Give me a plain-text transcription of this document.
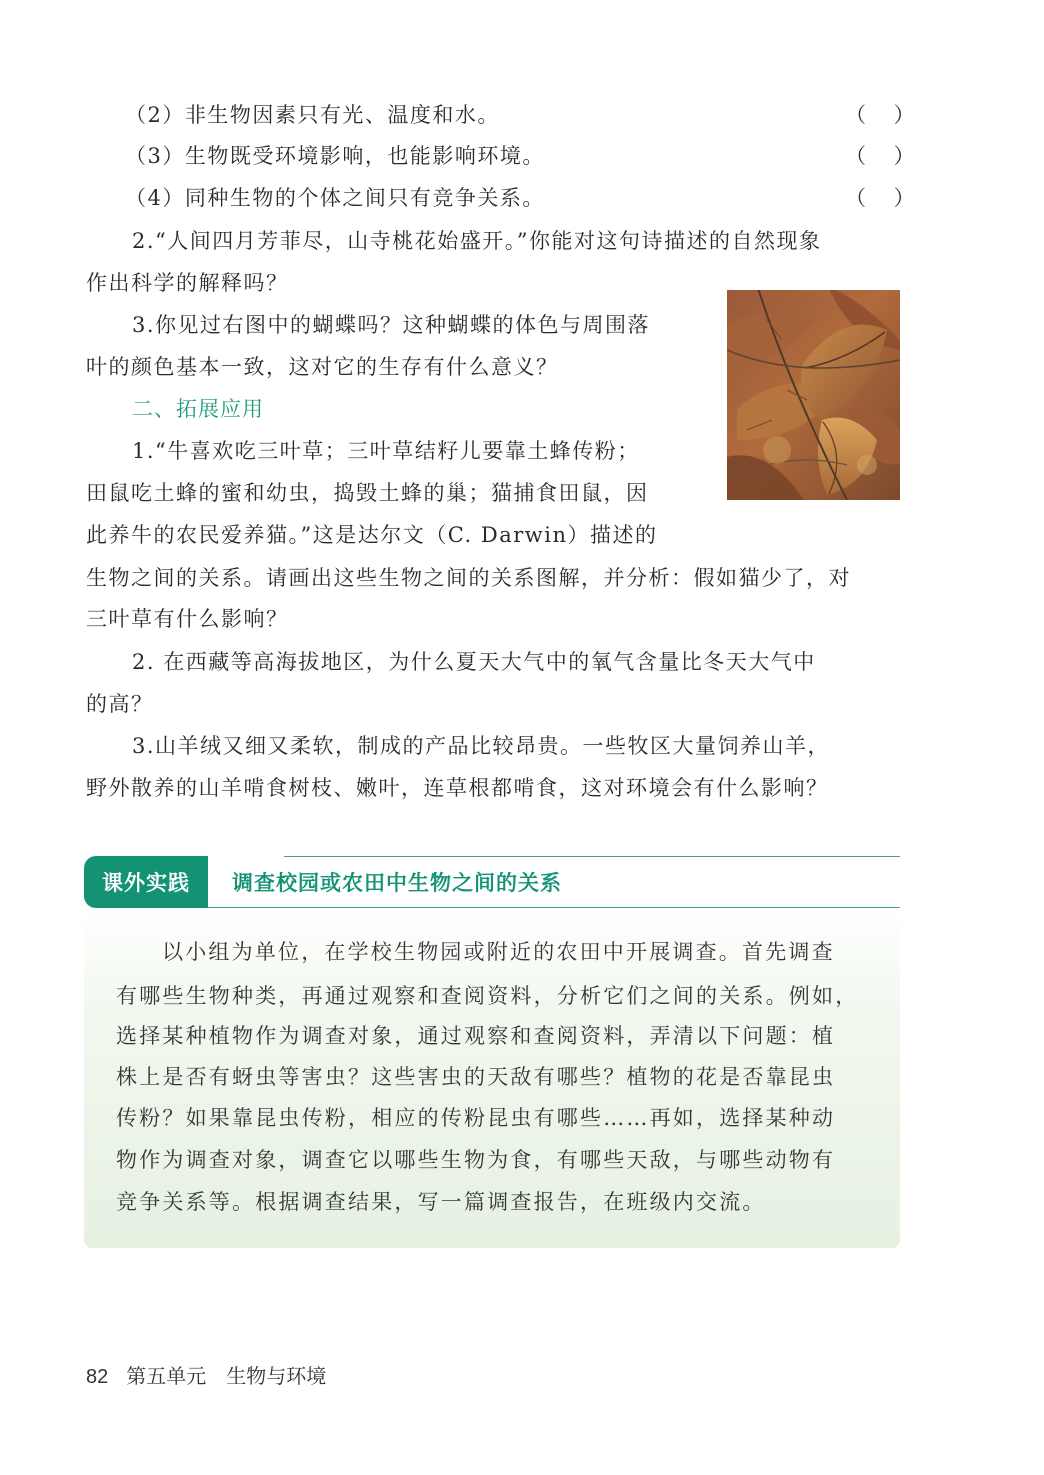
（2）非生物因素只有光、温度和水。	（　 ）
（3）生物既受环境影响，也能影响环境。	（　 ）
（4）同种生物的个体之间只有竞争关系。	（　 ）
2.“人间四月芳菲尽，山寺桃花始盛开。”你能对这句诗描述的自然现象
作出科学的解释吗？
3.你见过右图中的蝴蝶吗？这种蝴蝶的体色与周围落
叶的颜色基本一致，这对它的生存有什么意义？
二、拓展应用
1.“牛喜欢吃三叶草；三叶草结籽儿要靠土蜂传粉；
田鼠吃土蜂的蜜和幼虫，捣毁土蜂的巢；猫捕食田鼠，因
此养牛的农民爱养猫。”这是达尔文（C. Darwin）描述的
生物之间的关系。请画出这些生物之间的关系图解，并分析：假如猫少了，对
三叶草有什么影响？
2. 在西藏等高海拔地区，为什么夏天大气中的氧气含量比冬天大气中
的高？
3.山羊绒又细又柔软，制成的产品比较昂贵。一些牧区大量饲养山羊，
野外散养的山羊啃食树枝、嫩叶，连草根都啃食，这对环境会有什么影响？
课外实践	调查校园或农田中生物之间的关系
以小组为单位，在学校生物园或附近的农田中开展调查。首先调查
有哪些生物种类，再通过观察和查阅资料，分析它们之间的关系。例如，
选择某种植物作为调查对象，通过观察和查阅资料，弄清以下问题：植
株上是否有蚜虫等害虫？这些害虫的天敌有哪些？植物的花是否靠昆虫
传粉？如果靠昆虫传粉，相应的传粉昆虫有哪些……再如，选择某种动
物作为调查对象，调查它以哪些生物为食，有哪些天敌，与哪些动物有
竞争关系等。根据调查结果，写一篇调查报告，在班级内交流。
82 第五单元　生物与环境
